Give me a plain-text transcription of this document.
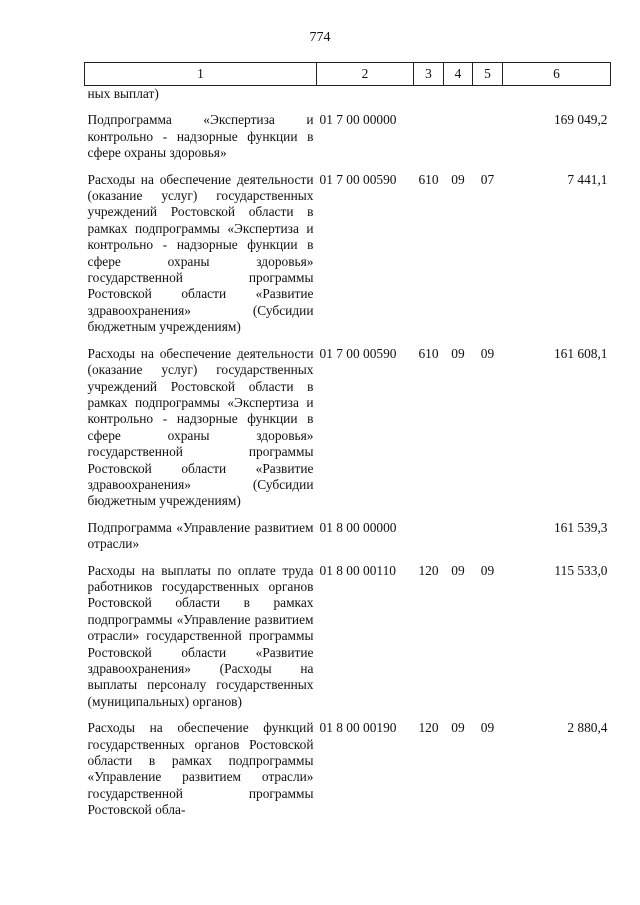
774
1	2	3	4	5	6
ных выплат)					

Подпрограмма «Экспертиза и контрольно - надзорные функции в сфере охраны здоровья»	01 7 00 00000				169 049,2

Расходы на обеспечение деятельности (оказание услуг) государственных учреждений Ростовской области в рамках подпрограммы «Экспертиза и контрольно - надзорные функции в сфере охраны здоровья» государственной программы Ростовской области «Развитие здравоохранения» (Субсидии бюджетным учреждениям)	01 7 00 00590	610	09	07	7 441,1

Расходы на обеспечение деятельности (оказание услуг) государственных учреждений Ростовской области в рамках подпрограммы «Экспертиза и контрольно - надзорные функции в сфере охраны здоровья» государственной программы Ростовской области «Развитие здравоохранения» (Субсидии бюджетным учреждениям)	01 7 00 00590	610	09	09	161 608,1

Подпрограмма «Управление развитием отрасли»	01 8 00 00000				161 539,3

Расходы на выплаты по оплате труда работников государственных органов Ростовской области в рамках подпрограммы «Управление развитием отрасли» государственной программы Ростовской области «Развитие здравоохранения» (Расходы на выплаты персоналу государственных (муниципальных) органов)	01 8 00 00110	120	09	09	115 533,0

Расходы на обеспечение функций государственных органов Ростовской области в рамках подпрограммы «Управление развитием отрасли» государственной программы Ростовской обла-	01 8 00 00190	120	09	09	2 880,4
